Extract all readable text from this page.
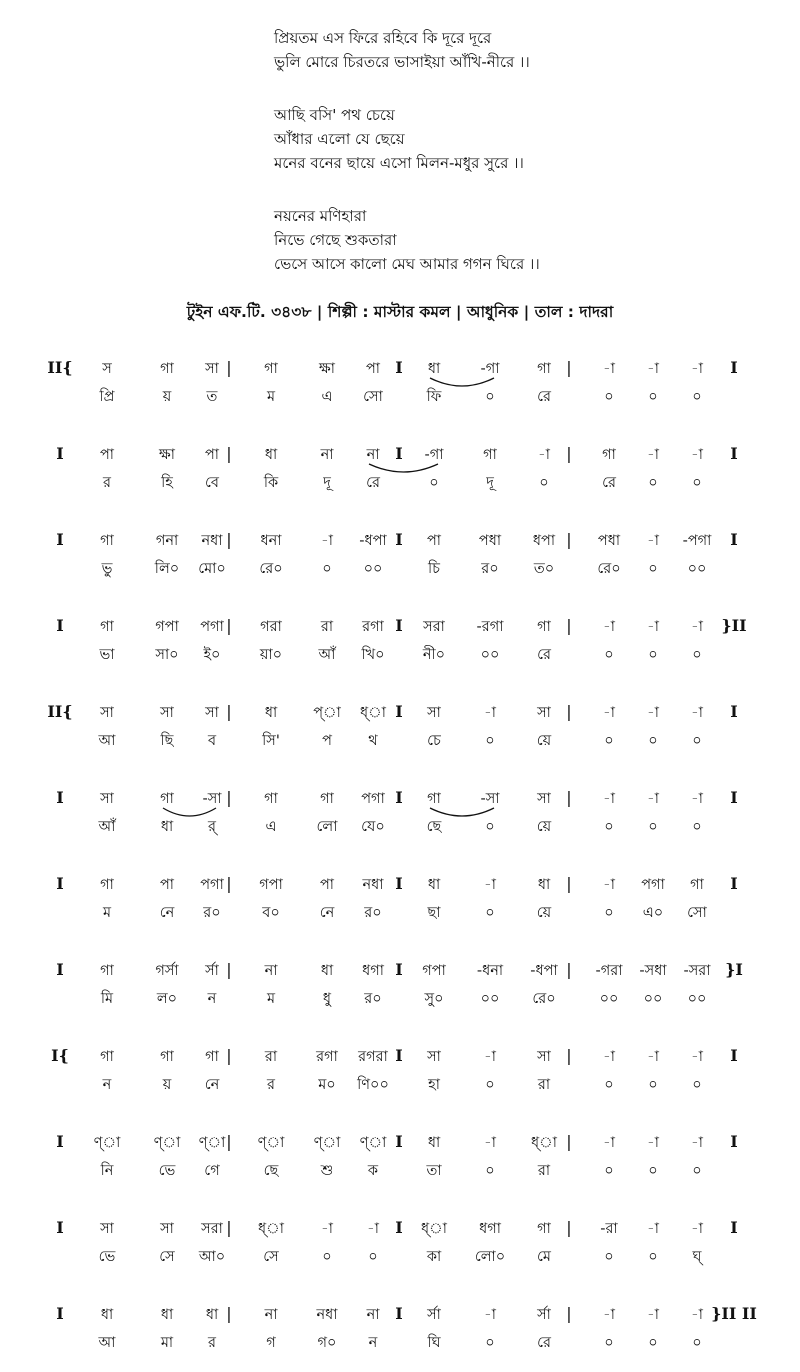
প্রিয়তম এস ফিরে রহিবে কি দূরে দূরে
ভুলি মোরে চিরতরে ভাসাইয়া আঁখি-নীরে ।।
আছি বসি' পথ চেয়ে
আঁধার এলো যে ছেয়ে
মনের বনের ছায়ে এসো মিলন-মধুর সুরে ।।
নয়নের মণিহারা
নিভে গেছে শুকতারা
ভেসে আসে কালো মেঘ আমার গগন ঘিরে ।।
টুইন এফ.টি. ৩৪৩৮ | শিল্পী : মাস্টার কমল | আধুনিক | তাল : দাদরা
II{	|	I	|	I
স	গা সা	গা	ক্ষা পা	ধা	-গা	গা	-া -া -া
প্রি	য় ত	ম	এ সো	ফি	০	রে	০ ০ ০
I	|	I	|	I
পা	ক্ষা পা	ধা	না না	-গা	গা	-া	গা -া -া
র	হি বে	কি	দূ রে	০	দূ	০	রে ০ ০
I	|	I	|	I
গা	গনা নধা	ধনা	-া -ধপা	পা	পধা ধপা	পধা -া -পগা
ভু	লি০ মো০ রে০	০ ০০	চি	র০ ত০	রে০ ০ ০০
I	|	I	|	}II
গা	গপা পগা	গরা	রা রগা	সরা -রগা গা	-া -া -া
ভা	সা০ ই০	য়া০	আঁ খি০	নী০ ০০	রে	০ ০ ০
II{	|	I	|	I
সা	সা সা	ধা প্া ধ্া	সা	-া	সা	-া -া -া
আ	ছি ব	সি'	প	থ	চে	০	য়ে	০ ০ ০
I	|	I	|	I
সা	গা -সা	গা	গা পগা	গা	-সা	সা	-া -া -া
আঁ	ধা র্	এ	লো যে০	ছে	০	য়ে	০ ০ ০
I	|	I	|	I
গা	পা পগা গপা	পা নধা	ধা	-া	ধা	-া পগা গা
ম	নে র০	ব০	নে র০	ছা	০	য়ে	০ এ০ সো
I	|	I	|	}I
গা	গর্সা র্সা	না	ধা ধগা	গপা -ধনা -ধপা	-গরা -সধা -সরা
মি	ল০ ন	ম	ধু র০	সু০	০০ রে০	০০ ০০ ০০
I{	|	I	|	I
গা	গা গা	রা	রগা রগরা	সা	-া	সা	-া -া -া
ন	য় নে	র	ম০ ণি০০	হা	০	রা	০ ০ ০
I	|	I	|	I
ণ্া ণ্া ণ্া ণ্া ণ্া ণ্া	ধা	-া ধ্া	-া -া -া
নি	ভে গে	ছে	শু ক	তা	০	রা	০ ০ ০
I	|	I	|	I
সা	সা সরা ধ্া	-া -া	ধ্া ধগা গা	-রা -া -া
ভে	সে আ০	সে	০	০	কা লো০ মে	০ ০ ঘ্
I	|	I	|	}II II
ধা	ধা ধা	না	নধা না	র্সা	-া	র্সা	-া -া -া
আ	মা র	গ	গ০ ন	ঘি	০	রে	০ ০ ০
